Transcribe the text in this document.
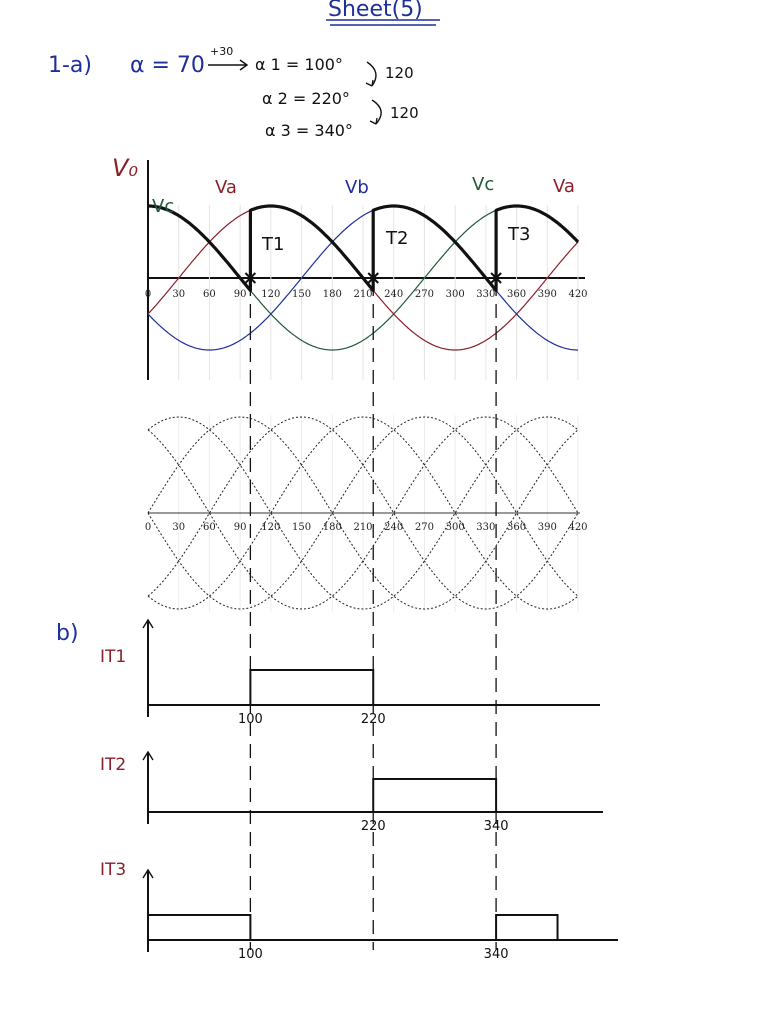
Sheet(5)
1-a) α = 70
+30
α 1 = 100°
α 2 = 220°
α 3 = 340°
120
120
V₀
0 30 60 90 120 150 180 210 240 270 300 330 360 390 420
Vc
Va	Vb	Vc	Va
T1	T2	T3
0 30 60 90 120 150 180 210 240 270 300 330 360 390 420
b)
IT1
100	220
IT2
220	340
IT3
100	340
